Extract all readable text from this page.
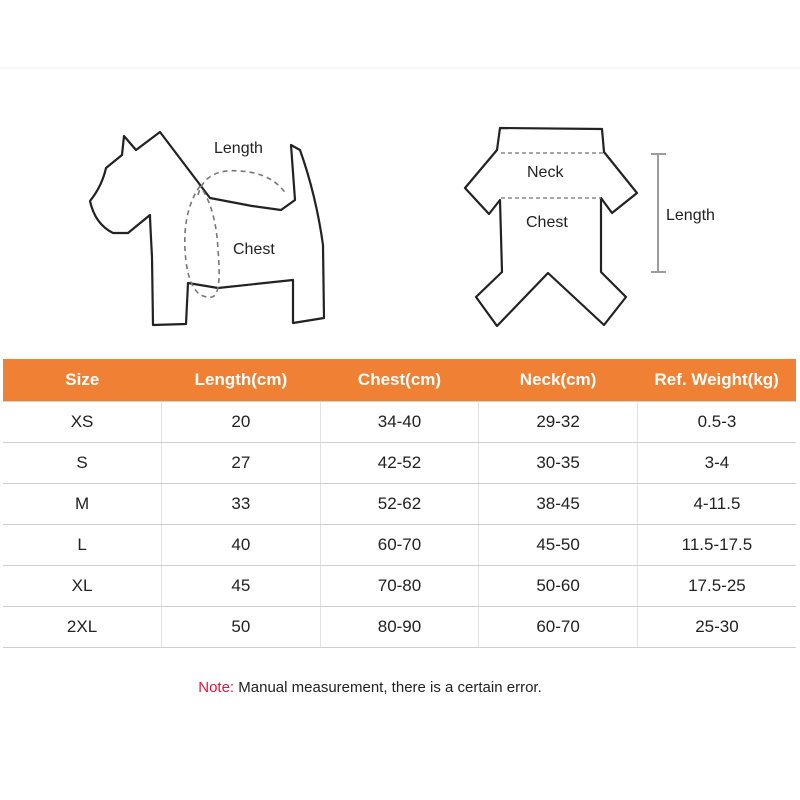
Length
Chest
Neck
Chest	Length
Size	Length(cm)	Chest(cm)	Neck(cm)	Ref. Weight(kg)
XS	20	34-40	29-32	0.5-3
S	27	42-52	30-35	3-4
M	33	52-62	38-45	4-11.5
L	40	60-70	45-50	11.5-17.5
XL	45	70-80	50-60	17.5-25
2XL	50	80-90	60-70	25-30
Note: Manual measurement, there is a certain error.
